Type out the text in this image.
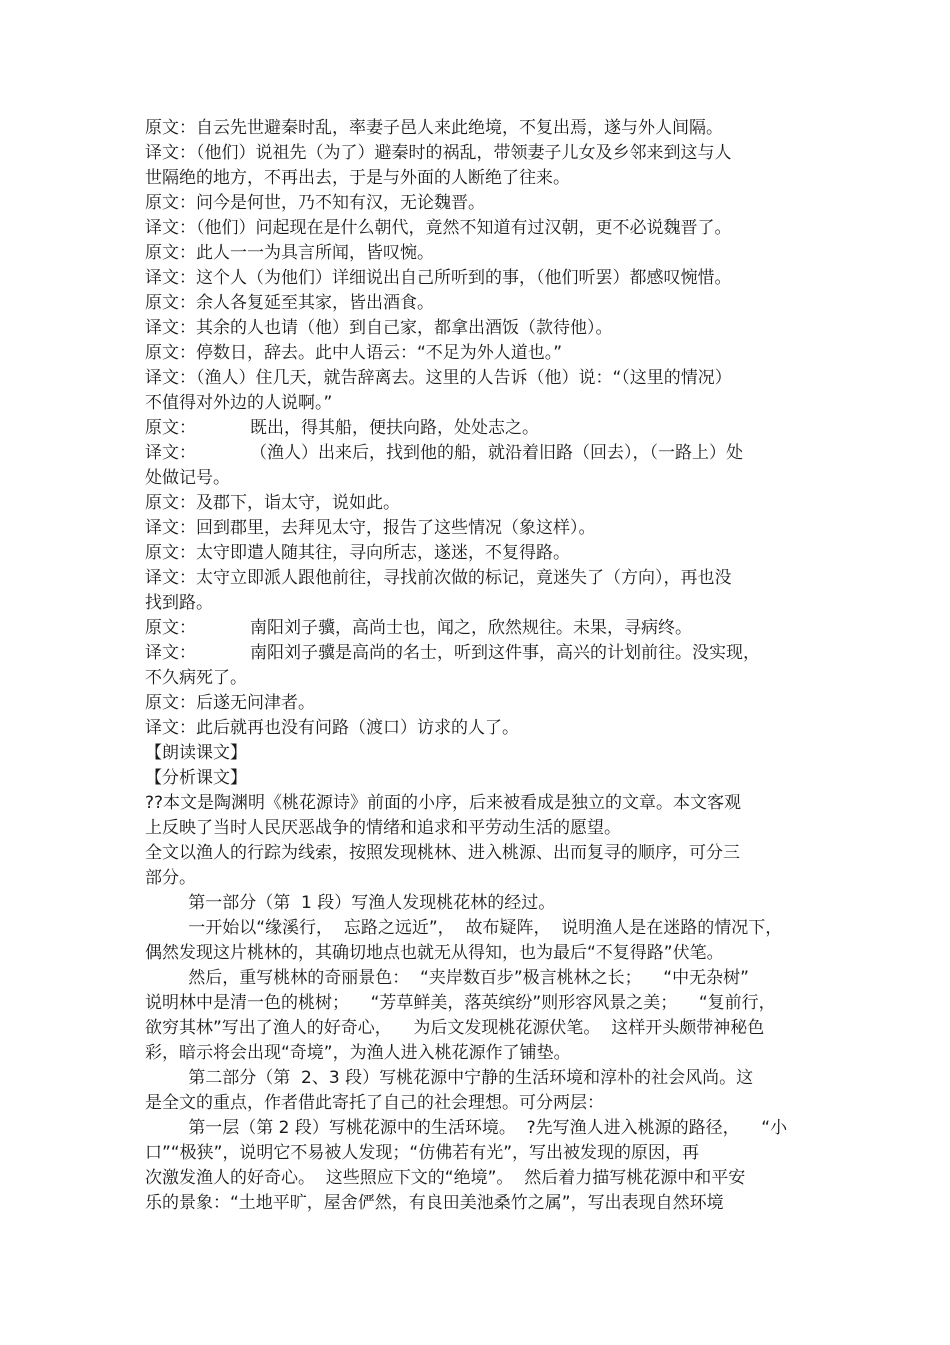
原文：自云先世避秦时乱，率妻子邑人来此绝境，不复出焉，遂与外人间隔。
译文：（他们）说祖先（为了）避秦时的祸乱，带领妻子儿女及乡邻来到这与人
世隔绝的地方，不再出去，于是与外面的人断绝了往来。
原文：问今是何世，乃不知有汉，无论魏晋。
译文：（他们）问起现在是什么朝代，竟然不知道有过汉朝，更不必说魏晋了。
原文：此人一一为具言所闻，皆叹惋。
译文：这个人（为他们）详细说出自己所听到的事，（他们听罢）都感叹惋惜。
原文：余人各复延至其家，皆出酒食。
译文：其余的人也请（他）到自己家，都拿出酒饭（款待他）。
原文：停数日，辞去。此中人语云：“不足为外人道也。”
译文：（渔人）住几天，就告辞离去。这里的人告诉（他）说：“（这里的情况）
不值得对外边的人说啊。”
原文：          既出，得其船，便扶向路，处处志之。
译文：          （渔人）出来后，找到他的船，就沿着旧路（回去），（一路上）处
处做记号。
原文：及郡下，诣太守，说如此。
译文：回到郡里，去拜见太守，报告了这些情况（象这样）。
原文：太守即遣人随其往，寻向所志，遂迷，不复得路。
译文：太守立即派人跟他前往，寻找前次做的标记，竟迷失了（方向），再也没
找到路。
原文：          南阳刘子骥，高尚士也，闻之，欣然规往。未果，寻病终。
译文：          南阳刘子骥是高尚的名士，听到这件事，高兴的计划前往。没实现，
不久病死了。
原文：后遂无问津者。
译文：此后就再也没有问路（渡口）访求的人了。
【朗读课文】
【分析课文】
??本文是陶渊明《桃花源诗》前面的小序，后来被看成是独立的文章。本文客观
上反映了当时人民厌恶战争的情绪和追求和平劳动生活的愿望。
全文以渔人的行踪为线索，按照发现桃林、进入桃源、出而复寻的顺序，可分三
部分。
第一部分（第  1 段）写渔人发现桃花林的经过。
一开始以“缘溪行，  忘路之远近”，  故布疑阵，  说明渔人是在迷路的情况下，
偶然发现这片桃林的，其确切地点也就无从得知，也为最后“不复得路”伏笔。
然后，重写桃林的奇丽景色：  “夹岸数百步”极言桃林之长；    “中无杂树”
说明林中是清一色的桃树；    “芳草鲜美，落英缤纷”则形容风景之美；    “复前行，
欲穷其林”写出了渔人的好奇心，    为后文发现桃花源伏笔。  这样开头颇带神秘色
彩，暗示将会出现“奇境”，为渔人进入桃花源作了铺垫。
第二部分（第  2、3 段）写桃花源中宁静的生活环境和淳朴的社会风尚。这
是全文的重点，作者借此寄托了自己的社会理想。可分两层：
第一层（第 2 段）写桃花源中的生活环境。  ?先写渔人进入桃源的路径，    “小
口”“极狭”，说明它不易被人发现；“仿佛若有光”，写出被发现的原因，再
次激发渔人的好奇心。  这些照应下文的“绝境”。  然后着力描写桃花源中和平安
乐的景象：“土地平旷，屋舍俨然，有良田美池桑竹之属”，写出表现自然环境
